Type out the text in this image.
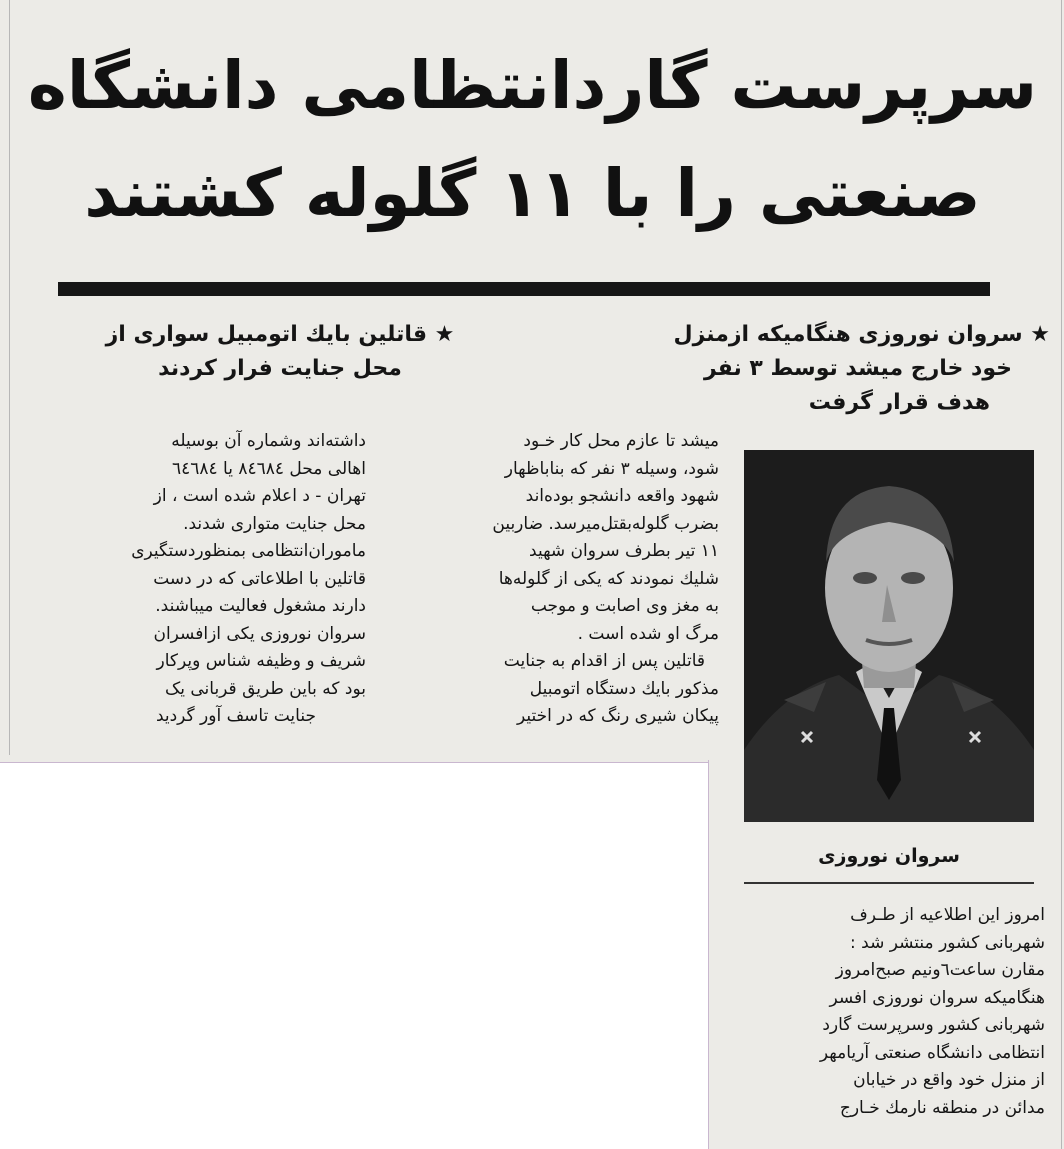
سرپرست گاردانتظامی دانشگاه
صنعتی را با ۱۱ گلوله کشتند
★ سروان نوروزی هنگامیکه ازمنزل
خود خارج میشد توسط ۳ نفر
هدف قرار گرفت
★ قاتلین بایك اتومبیل سواری از
محل جنایت فرار کردند
میشد تا عازم محل کار خـود
شود، وسیله ۳ نفر که بناباظهار
شهود واقعه دانشجو بوده‌اند
بضرب گلوله‌بقتل‌میرسد. ضاربین
۱۱ تیر بطرف سروان شهید
شلیك نمودند که یکی از گلوله‌ها
به مغز وی اصابت و موجب
مرگ او شده است .
قاتلین پس از اقدام به جنایت
مذکور بایك دستگاه اتومبیل
پیکان شیری رنگ که در اختیر
داشته‌اند وشماره آن بوسیله
اهالی محل ۸٤٦۸٤ یا ٦٤٦۸٤
تهران - د اعلام شده است ، از
محل جنایت متواری شدند.
ماموران‌انتظامی بمنظوردستگیری
قاتلین با اطلاعاتی که در دست
دارند مشغول فعالیت میباشند.
سروان نوروزی یکی ازافسران
شریف و وظیفه شناس وپرکار
بود که باین طریق قربانی یک
جنایت تاسف آور گردید
سروان نوروزی
امروز این اطلاعیه از طـرف
شهربانی کشور منتشر شد :
مقارن ساعت٦ونیم صبح‌امروز
هنگامیکه سروان نوروزی افسر
شهربانی کشور وسرپرست گارد
انتظامی دانشگاه صنعتی آریامهر
از منزل خود واقع در خیابان
مدائن در منطقه نارمك خـارج
